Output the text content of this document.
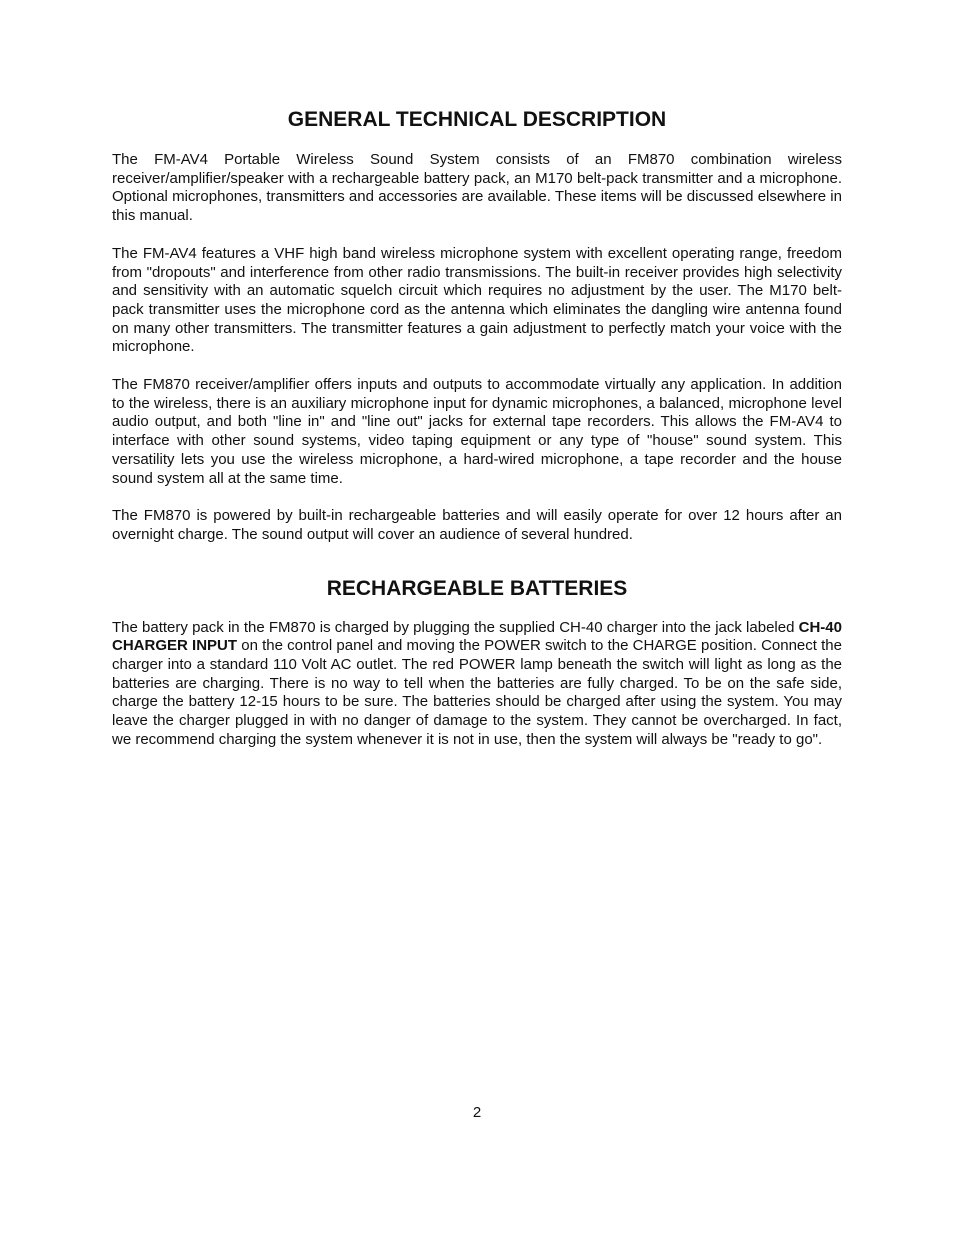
GENERAL TECHNICAL DESCRIPTION

The FM-AV4 Portable Wireless Sound System consists of an FM870 combination wireless receiver/amplifier/speaker with a rechargeable battery pack, an M170 belt-pack transmitter and a microphone. Optional microphones, transmitters and accessories are available. These items will be discussed elsewhere in this manual.

The FM-AV4 features a VHF high band wireless microphone system with excellent operating range, freedom from "dropouts" and interference from other radio transmissions. The built-in receiver provides high selectivity and sensitivity with an automatic squelch circuit which requires no adjustment by the user. The M170 belt-pack transmitter uses the microphone cord as the antenna which eliminates the dangling wire antenna found on many other transmitters. The transmitter features a gain adjustment to perfectly match your voice with the microphone.

The FM870 receiver/amplifier offers inputs and outputs to accommodate virtually any application. In addition to the wireless, there is an auxiliary microphone input for dynamic microphones, a balanced, microphone level audio output, and both "line in" and "line out" jacks for external tape recorders. This allows the FM-AV4 to interface with other sound systems, video taping equipment or any type of "house" sound system. This versatility lets you use the wireless microphone, a hard-wired microphone, a tape recorder and the house sound system all at the same time.

The FM870 is powered by built-in rechargeable batteries and will easily operate for over 12 hours after an overnight charge. The sound output will cover an audience of several hundred.

RECHARGEABLE BATTERIES

The battery pack in the FM870 is charged by plugging the supplied CH-40 charger into the jack labeled CH-40 CHARGER INPUT on the control panel and moving the POWER switch to the CHARGE position. Connect the charger into a standard 110 Volt AC outlet. The red POWER lamp beneath the switch will light as long as the batteries are charging. There is no way to tell when the batteries are fully charged. To be on the safe side, charge the battery 12-15 hours to be sure. The batteries should be charged after using the system. You may leave the charger plugged in with no danger of damage to the system. They cannot be overcharged. In fact, we recommend charging the system whenever it is not in use, then the system will always be "ready to go".

2
